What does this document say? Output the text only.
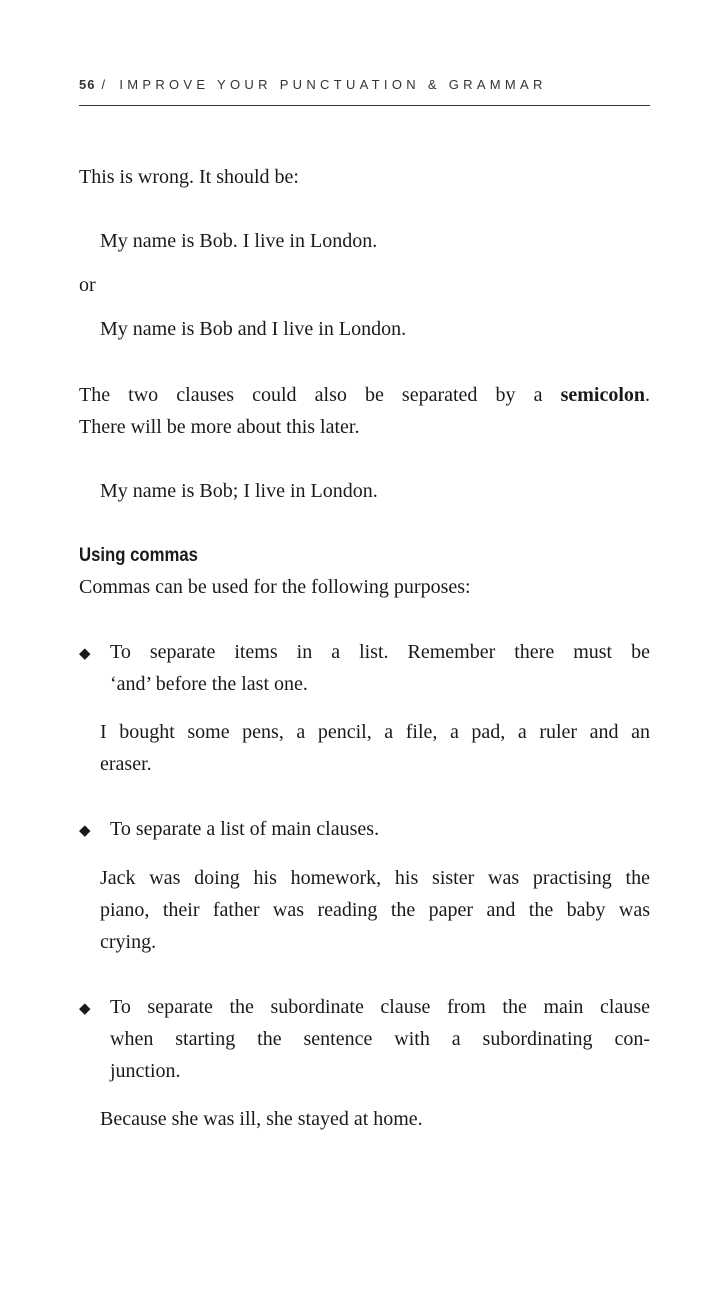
56 / IMPROVE YOUR PUNCTUATION & GRAMMAR
This is wrong. It should be:
My name is Bob. I live in London.
or
My name is Bob and I live in London.
The two clauses could also be separated by a semicolon.
There will be more about this later.
My name is Bob; I live in London.
Using commas
Commas can be used for the following purposes:
◆ To separate items in a list. Remember there must be
‘and’ before the last one.
I bought some pens, a pencil, a file, a pad, a ruler and an
eraser.
◆ To separate a list of main clauses.
Jack was doing his homework, his sister was practising the
piano, their father was reading the paper and the baby was
crying.
◆ To separate the subordinate clause from the main clause
when starting the sentence with a subordinating con-
junction.
Because she was ill, she stayed at home.
